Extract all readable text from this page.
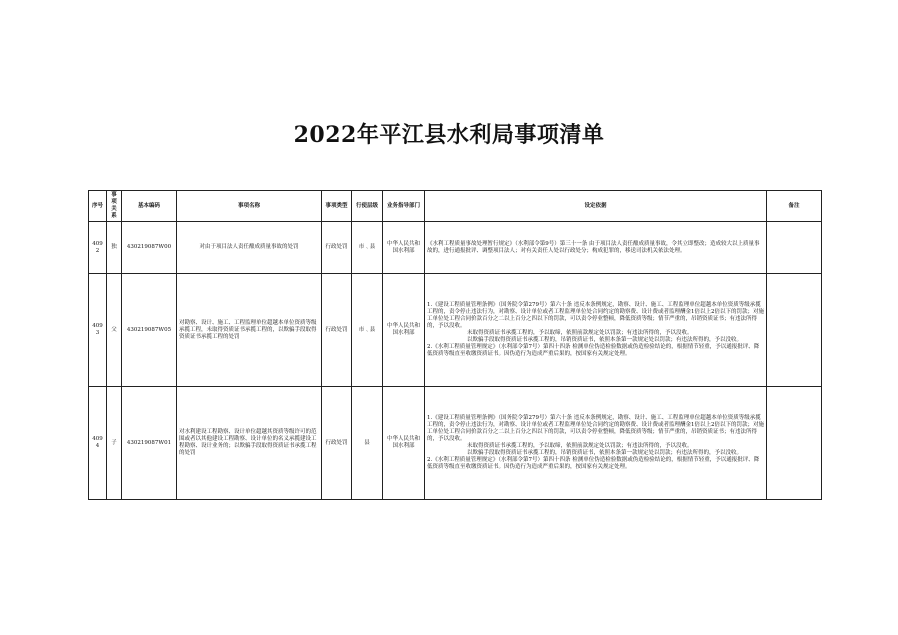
2022年平江县水利局事项清单
序号	事项关系	基本编码	事项名称	事项类型	行使层级	业务指导部门	设定依据	备注
4092	独	430219087W00	对由于项目法人责任酿成质量事故的处罚	行政处罚	市﹑县	中华人民共和国水利部	《水利工程质量事故处理暂行规定》（水利部令第9号）第三十一条 由于项目法人责任酿成质量事故，令其立即整改；造成较大以上质量事故的，进行通报批评、调整项目法人；对有关责任人处以行政处分；构成犯罪的，移送司法机关依法处理。	

4093	父	430219087W05	对勘察、设计、施工、工程监理单位超越本单位资质等级承揽工程，未取得资质证书承揽工程的，以欺骗手段取得资质证书承揽工程的处罚	行政处罚	市﹑县	中华人民共和国水利部	1.《建设工程质量管理条例》（国务院令第279号）第六十条 违反本条例规定，勘察、设计、施工、工程监理单位超越本单位资质等级承揽工程的，责令停止违法行为，对勘察、设计单位或者工程监理单位处合同约定的勘察费、设计费或者监理酬金1倍以上2倍以下的罚款；对施工单位处工程合同价款百分之二以上百分之四以下的罚款，可以责令停业整顿，降低资质等级；情节严重的，吊销资质证书；有违法所得的，予以没收。

未取得资质证书承揽工程的，予以取缔，依照前款规定处以罚款；有违法所得的，予以没收。

以欺骗手段取得资质证书承揽工程的，吊销资质证书，依照本条第一款规定处以罚款；有违法所得的，予以没收。

2.《水利工程质量管理规定》（水利部令第7号）第四十四条 检测单位伪造检验数据或伪造检验结论的，根据情节轻重，予以通报批评、降低资质等级直至收缴资质证书。因伪造行为造成严重后果的，按国家有关规定处理。	

4094	子	430219087W01	对水利建设工程勘察、设计单位超越其资质等级许可的范围或者以其他建设工程勘察、设计单位的名义承揽建设工程勘察、设计业务的；以欺骗手段取得资质证书承揽工程的处罚	行政处罚	县	中华人民共和国水利部	1.《建设工程质量管理条例》（国务院令第279号）第六十条 违反本条例规定，勘察、设计、施工、工程监理单位超越本单位资质等级承揽工程的，责令停止违法行为，对勘察、设计单位或者工程监理单位处合同约定的勘察费、设计费或者监理酬金1倍以上2倍以下的罚款；对施工单位处工程合同价款百分之二以上百分之四以下的罚款，可以责令停业整顿，降低资质等级；情节严重的，吊销资质证书；有违法所得的，予以没收。

未取得资质证书承揽工程的，予以取缔，依照前款规定处以罚款；有违法所得的，予以没收。

以欺骗手段取得资质证书承揽工程的，吊销资质证书，依照本条第一款规定处以罚款；有违法所得的，予以没收。

2.《水利工程质量管理规定》（水利部令第7号）第四十四条 检测单位伪造检验数据或伪造检验结论的，根据情节轻重，予以通报批评、降低资质等级直至收缴资质证书。因伪造行为造成严重后果的，按国家有关规定处理。	
